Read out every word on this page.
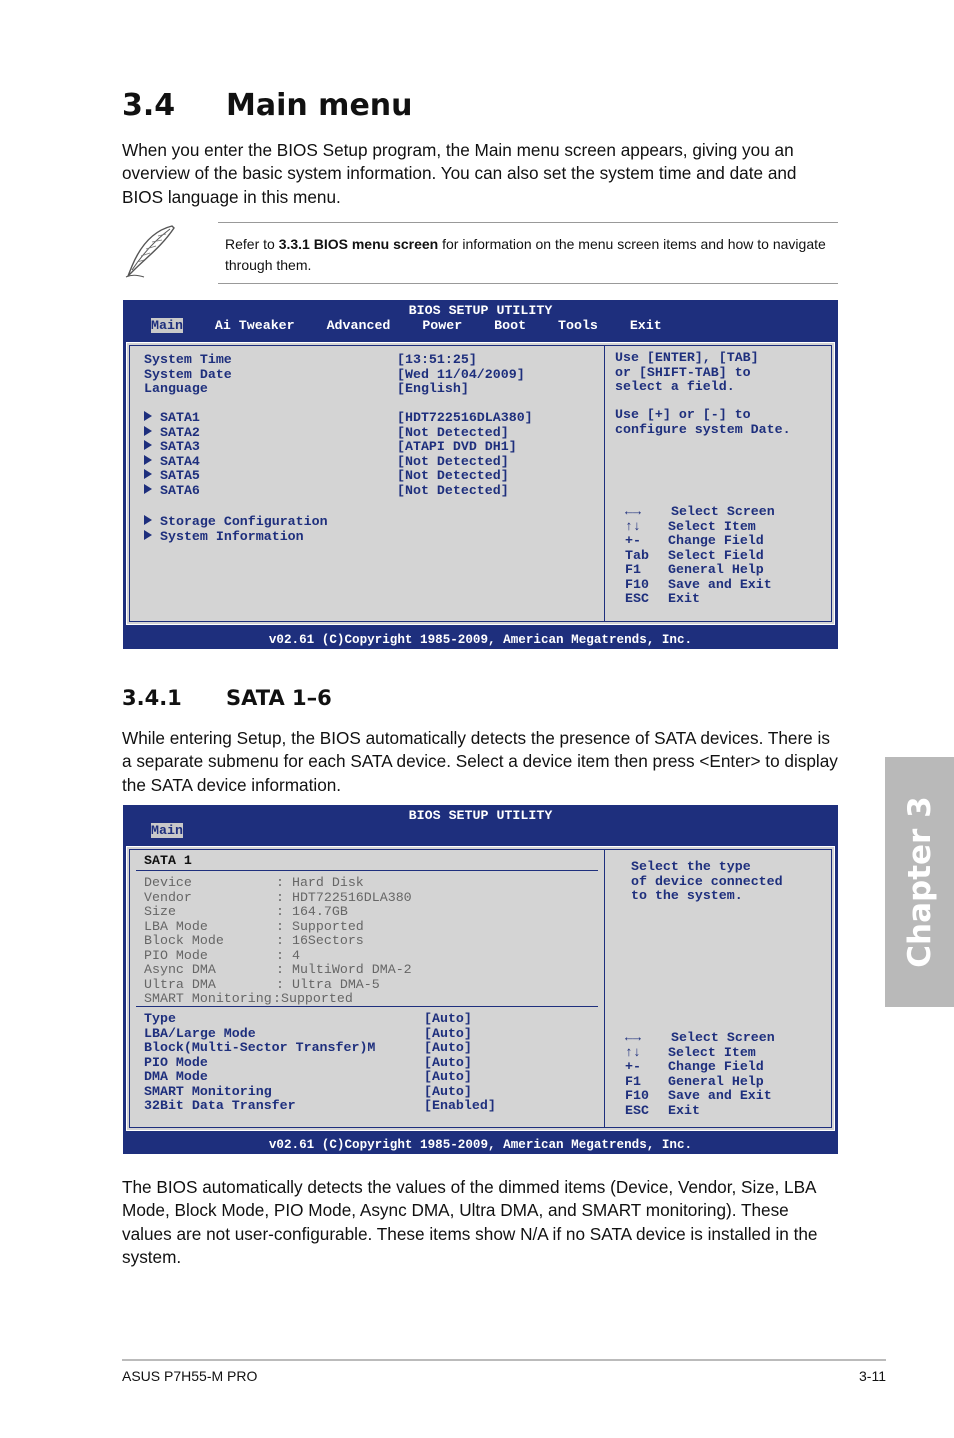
3.4 Main menu

When you enter the BIOS Setup program, the Main menu screen appears, giving you an overview of the basic system information. You can also set the system time and date and BIOS language in this menu.

Refer to 3.3.1 BIOS menu screen for information on the menu screen items and how to navigate through them.
BIOS SETUP UTILITY
Main Ai Tweaker Advanced Power Boot Tools Exit
System Time	[13:51:25]
System Date	[Wed 11/04/2009]
Language	[English]
SATA1	[HDT722516DLA380]
SATA2	[Not Detected]
SATA3	[ATAPI DVD DH1]
SATA4	[Not Detected]
SATA5	[Not Detected]
SATA6	[Not Detected]
Storage Configuration
System Information
Use [ENTER], [TAB]
or [SHIFT-TAB] to
select a field.
Use [+] or [-] to
configure system Date.
←→ Select Screen
↑↓ Select Item
+- Change Field
Tab Select Field
F1 General Help
F10 Save and Exit
ESC Exit
v02.61 (C)Copyright 1985-2009, American Megatrends, Inc.
3.4.1 SATA 1–6

While entering Setup, the BIOS automatically detects the presence of SATA devices. There is a separate submenu for each SATA device. Select a device item then press <Enter> to display the SATA device information.

BIOS SETUP UTILITY
Main
SATA 1
Device	: Hard Disk
Vendor	: HDT722516DLA380
Size	: 164.7GB
LBA Mode	: Supported
Block Mode	: 16Sectors
PIO Mode	: 4
Async DMA	: MultiWord DMA-2
Ultra DMA	: Ultra DMA-5
SMART Monitoring:Supported
Type	[Auto]
LBA/Large Mode	[Auto]
Block(Multi-Sector Transfer)M	[Auto]
PIO Mode	[Auto]
DMA Mode	[Auto]
SMART Monitoring	[Auto]
32Bit Data Transfer	[Enabled]
Select the type
of device connected
to the system.
←→ Select Screen
↑↓ Select Item
+- Change Field
F1 General Help
F10 Save and Exit
ESC Exit
v02.61 (C)Copyright 1985-2009, American Megatrends, Inc.

The BIOS automatically detects the values of the dimmed items (Device, Vendor, Size, LBA Mode, Block Mode, PIO Mode, Async DMA, Ultra DMA, and SMART monitoring). These values are not user-configurable. These items show N/A if no SATA device is installed in the system.

Chapter 3
ASUS P7H55-M PRO	3-11
